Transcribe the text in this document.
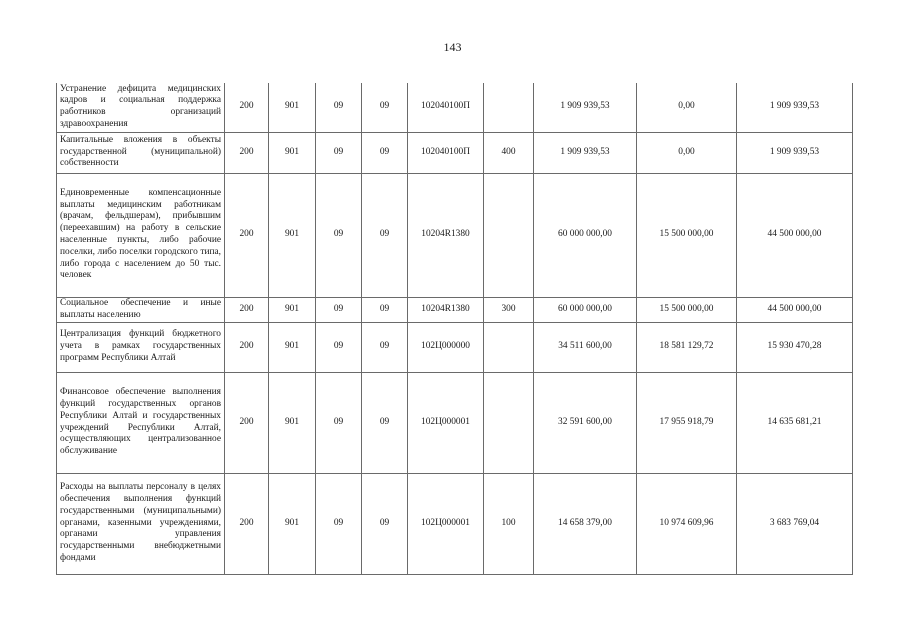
143
Устранение дефицита медицинских кадров и социальная поддержка работников организаций здравоохранения	200	901	09	09	102040100П		1 909 939,53	0,00	1 909 939,53
Капитальные вложения в объекты государственной (муниципальной) собственности	200	901	09	09	102040100П	400	1 909 939,53	0,00	1 909 939,53
Единовременные компенсационные выплаты медицинским работникам (врачам, фельдшерам), прибывшим (переехавшим) на работу в сельские населенные пункты, либо рабочие поселки, либо поселки городского типа, либо города с населением до 50 тыс. человек	200	901	09	09	10204R1380		60 000 000,00	15 500 000,00	44 500 000,00
Социальное обеспечение и иные выплаты населению	200	901	09	09	10204R1380	300	60 000 000,00	15 500 000,00	44 500 000,00
Централизация функций бюджетного учета в рамках государственных программ Республики Алтай	200	901	09	09	102Ц000000		34 511 600,00	18 581 129,72	15 930 470,28
Финансовое обеспечение выполнения функций государственных органов Республики Алтай и государственных учреждений Республики Алтай, осуществляющих централизованное обслуживание	200	901	09	09	102Ц000001		32 591 600,00	17 955 918,79	14 635 681,21
Расходы на выплаты персоналу в целях обеспечения выполнения функций государственными (муниципальными) органами, казенными учреждениями, органами управления государственными внебюджетными фондами	200	901	09	09	102Ц000001	100	14 658 379,00	10 974 609,96	3 683 769,04
